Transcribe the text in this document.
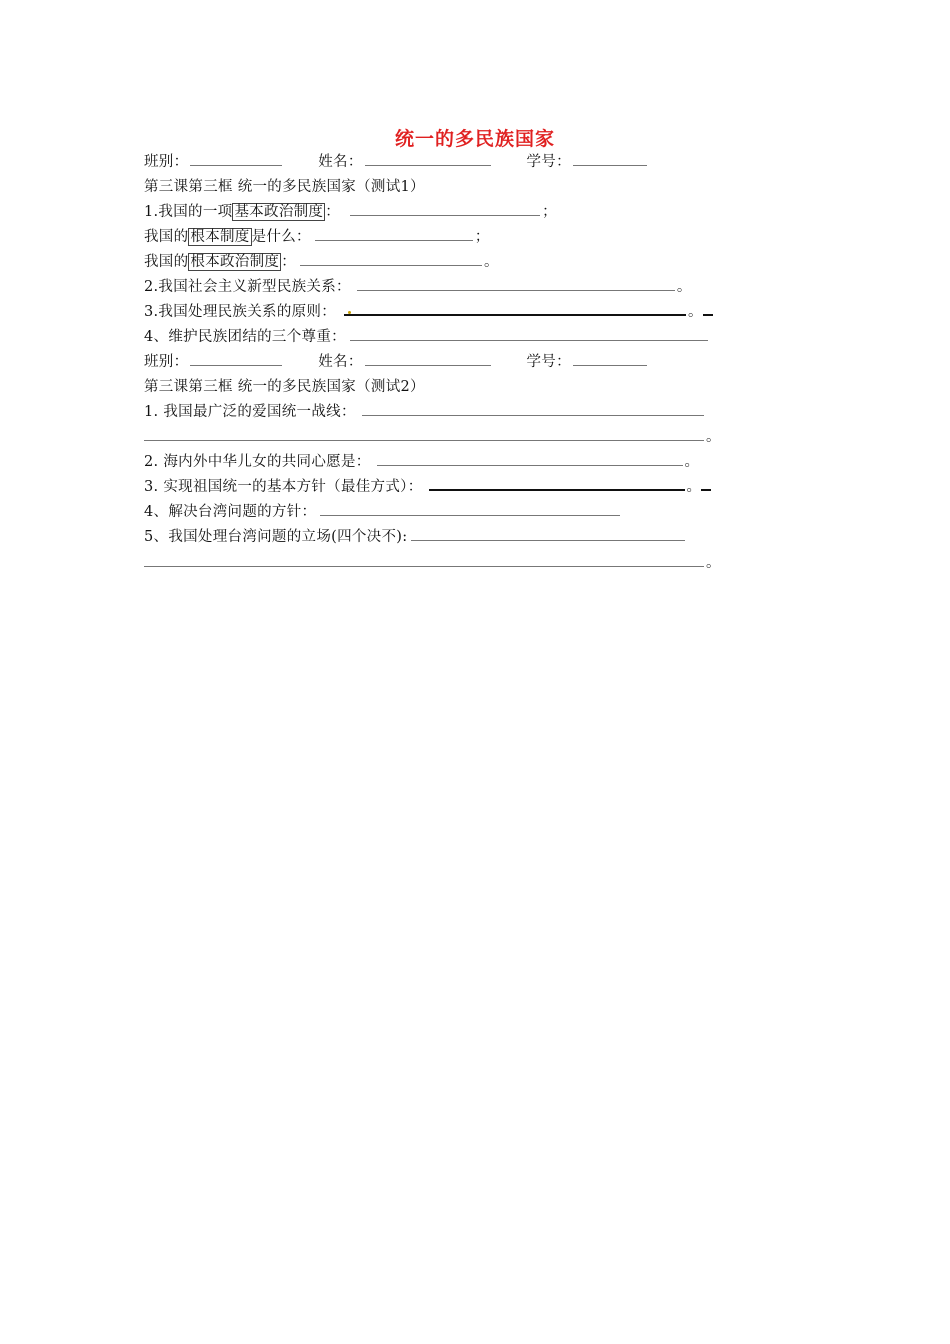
统一的多民族国家
班别：	姓名：	学号：
第三课第三框 统一的多民族国家（测试1）
1.我国的一项 基本政治制度 ：	；
我国的 根本制度 是什么：	；
我国的 根本政治制度 ：	。
2.我国社会主义新型民族关系：	。
3.我国处理民族关系的原则：	。
4、维护民族团结的三个尊重：
班别：	姓名：	学号：
第三课第三框 统一的多民族国家（测试2）
1. 我国最广泛的爱国统一战线：
。
2. 海内外中华儿女的共同心愿是：	。
3. 实现祖国统一的基本方针（最佳方式）：	。
4、解决台湾问题的方针：
5、我国处理台湾问题的立场(四个决不):
。
